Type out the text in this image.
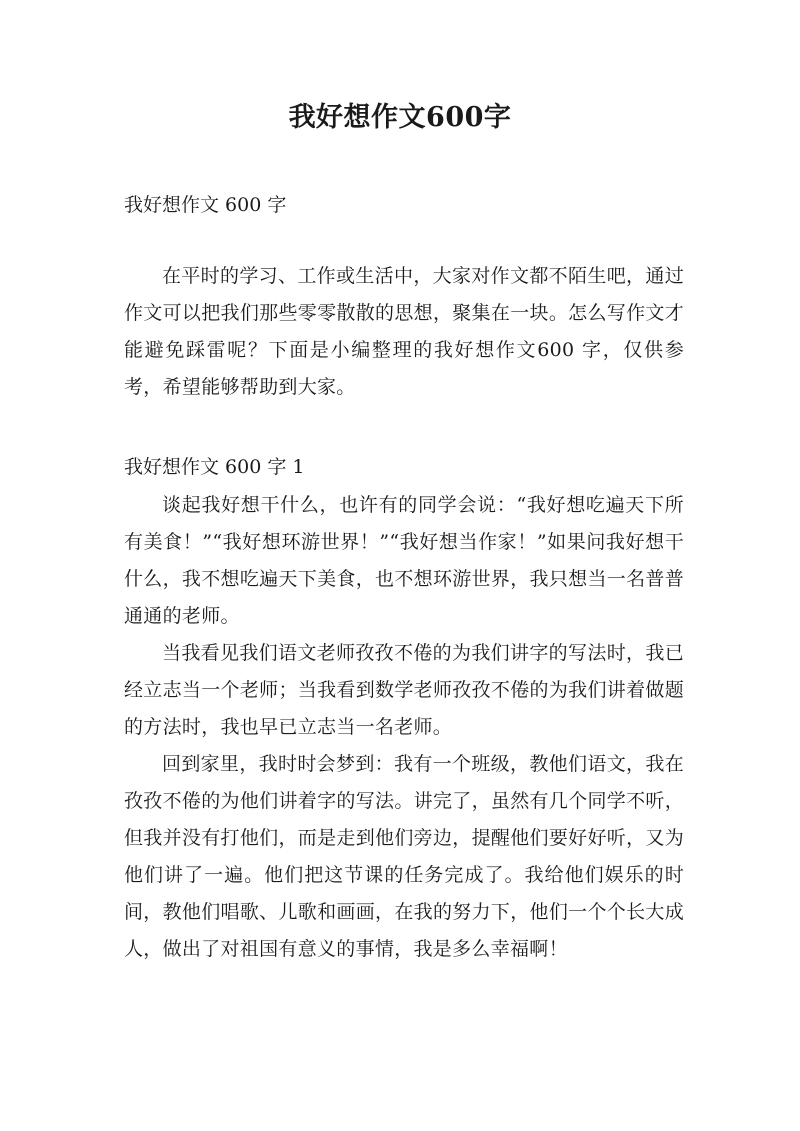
我好想作文600字
我好想作文 600 字

在平时的学习、工作或生活中，大家对作文都不陌生吧，通过作文可以把我们那些零零散散的思想，聚集在一块。怎么写作文才能避免踩雷呢？下面是小编整理的我好想作文600 字，仅供参考，希望能够帮助到大家。

我好想作文 600 字 1

谈起我好想干什么，也许有的同学会说：“我好想吃遍天下所有美食！”“我好想环游世界！”“我好想当作家！”如果问我好想干什么，我不想吃遍天下美食，也不想环游世界，我只想当一名普普通通的老师。

当我看见我们语文老师孜孜不倦的为我们讲字的写法时，我已经立志当一个老师；当我看到数学老师孜孜不倦的为我们讲着做题的方法时，我也早已立志当一名老师。

回到家里，我时时会梦到：我有一个班级，教他们语文，我在孜孜不倦的为他们讲着字的写法。讲完了，虽然有几个同学不听，但我并没有打他们，而是走到他们旁边，提醒他们要好好听，又为他们讲了一遍。他们把这节课的任务完成了。我给他们娱乐的时间，教他们唱歌、儿歌和画画，在我的努力下，他们一个个长大成人，做出了对祖国有意义的事情，我是多么幸福啊！
